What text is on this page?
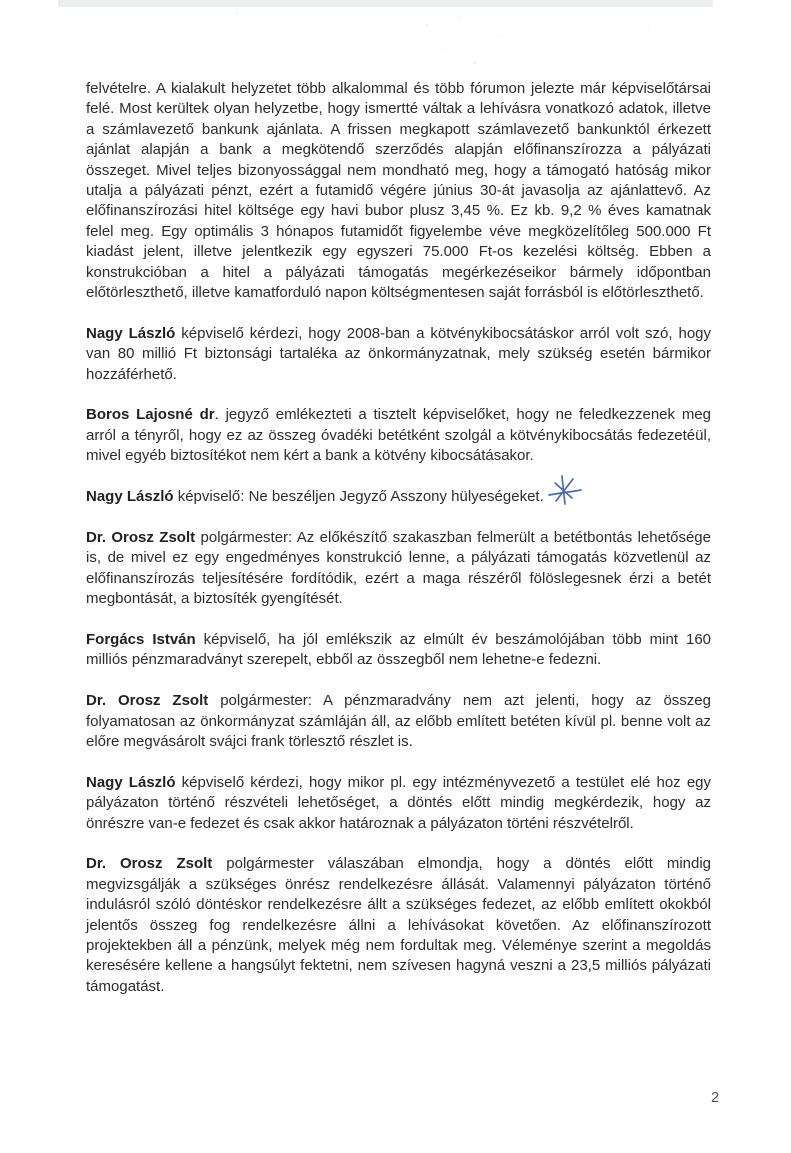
felvételre. A kialakult helyzetet több alkalommal és több fórumon jelezte már képviselőtársai felé. Most kerültek olyan helyzetbe, hogy ismertté váltak a lehívásra vonatkozó adatok, illetve a számlavezető bankunk ajánlata. A frissen megkapott számlavezető bankunktól érkezett ajánlat alapján a bank a megkötendő szerződés alapján előfinanszírozza a pályázati összeget. Mivel teljes bizonyossággal nem mondható meg, hogy a támogató hatóság mikor utalja a pályázati pénzt, ezért a futamidő végére június 30-át javasolja az ajánlattevő. Az előfinanszírozási hitel költsége egy havi bubor plusz 3,45 %. Ez kb. 9,2 % éves kamatnak felel meg. Egy optimális 3 hónapos futamidőt figyelembe véve megközelítőleg 500.000 Ft kiadást jelent, illetve jelentkezik egy egyszeri 75.000 Ft-os kezelési költség. Ebben a konstrukcióban a hitel a pályázati támogatás megérkezéseikor bármely időpontban előtörleszthető, illetve kamatforduló napon költségmentesen saját forrásból is előtörleszthető.

Nagy László képviselő kérdezi, hogy 2008-ban a kötvénykibocsátáskor arról volt szó, hogy van 80 millió Ft biztonsági tartaléka az önkormányzatnak, mely szükség esetén bármikor hozzáférhető.

Boros Lajosné dr. jegyző emlékezteti a tisztelt képviselőket, hogy ne feledkezzenek meg arról a tényről, hogy ez az összeg óvadéki betétként szolgál a kötvénykibocsátás fedezetéül, mivel egyéb biztosítékot nem kért a bank a kötvény kibocsátásakor.

Nagy László képviselő: Ne beszéljen Jegyző Asszony hülyeségeket.

Dr. Orosz Zsolt polgármester: Az előkészítő szakaszban felmerült a betétbontás lehetősége is, de mivel ez egy engedményes konstrukció lenne, a pályázati támogatás közvetlenül az előfinanszírozás teljesítésére fordítódik, ezért a maga részéről fölöslegesnek érzi a betét megbontását, a biztosíték gyengítését.

Forgács István képviselő, ha jól emlékszik az elmúlt év beszámolójában több mint 160 milliós pénzmaradványt szerepelt, ebből az összegből nem lehetne-e fedezni.

Dr. Orosz Zsolt polgármester: A pénzmaradvány nem azt jelenti, hogy az összeg folyamatosan az önkormányzat számláján áll, az előbb említett betéten kívül pl. benne volt az előre megvásárolt svájci frank törlesztő részlet is.

Nagy László képviselő kérdezi, hogy mikor pl. egy intézményvezető a testület elé hoz egy pályázaton történő részvételi lehetőséget, a döntés előtt mindig megkérdezik, hogy az önrészre van-e fedezet és csak akkor határoznak a pályázaton történi részvételről.

Dr. Orosz Zsolt polgármester válaszában elmondja, hogy a döntés előtt mindig megvizsgálják a szükséges önrész rendelkezésre állását. Valamennyi pályázaton történő indulásról szóló döntéskor rendelkezésre állt a szükséges fedezet, az előbb említett okokból jelentős összeg fog rendelkezésre állni a lehívásokat követően. Az előfinanszírozott projektekben áll a pénzünk, melyek még nem fordultak meg. Véleménye szerint a megoldás keresésére kellene a hangsúlyt fektetni, nem szívesen hagyná veszni a 23,5 milliós pályázati támogatást.

2
